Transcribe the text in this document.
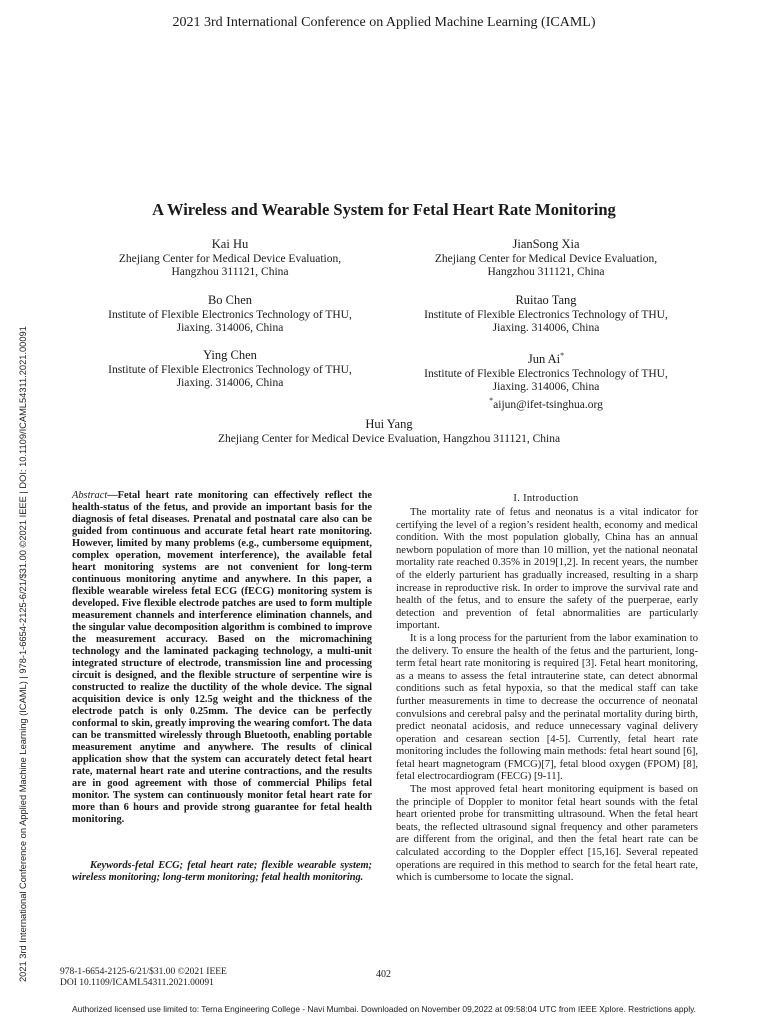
2021 3rd International Conference on Applied Machine Learning (ICAML)
2021 3rd International Conference on Applied Machine Learning (ICAML) | 978-1-6654-2125-6/21/$31.00 ©2021 IEEE | DOI: 10.1109/ICAML54311.2021.00091
A Wireless and Wearable System for Fetal Heart Rate Monitoring
Kai Hu
Zhejiang Center for Medical Device Evaluation,
Hangzhou 311121, China
JianSong Xia
Zhejiang Center for Medical Device Evaluation,
Hangzhou 311121, China
Bo Chen
Institute of Flexible Electronics Technology of THU,
Jiaxing. 314006, China
Ruitao Tang
Institute of Flexible Electronics Technology of THU,
Jiaxing. 314006, China
Ying Chen
Institute of Flexible Electronics Technology of THU,
Jiaxing. 314006, China
Jun Ai*
Institute of Flexible Electronics Technology of THU,
Jiaxing. 314006, China
*aijun@ifet-tsinghua.org
Hui Yang
Zhejiang Center for Medical Device Evaluation, Hangzhou 311121, China
Abstract—Fetal heart rate monitoring can effectively reflect the health-status of the fetus, and provide an important basis for the diagnosis of fetal diseases. Prenatal and postnatal care also can be guided from continuous and accurate fetal heart rate monitoring. However, limited by many problems (e.g., cumbersome equipment, complex operation, movement interference), the available fetal heart monitoring systems are not convenient for long-term continuous monitoring anytime and anywhere. In this paper, a flexible wearable wireless fetal ECG (fECG) monitoring system is developed. Five flexible electrode patches are used to form multiple measurement channels and interference elimination channels, and the singular value decomposition algorithm is combined to improve the measurement accuracy. Based on the micromachining technology and the laminated packaging technology, a multi-unit integrated structure of electrode, transmission line and processing circuit is designed, and the flexible structure of serpentine wire is constructed to realize the ductility of the whole device. The signal acquisition device is only 12.5g weight and the thickness of the electrode patch is only 0.25mm. The device can be perfectly conformal to skin, greatly improving the wearing comfort. The data can be transmitted wirelessly through Bluetooth, enabling portable measurement anytime and anywhere. The results of clinical application show that the system can accurately detect fetal heart rate, maternal heart rate and uterine contractions, and the results are in good agreement with those of commercial Philips fetal monitor. The system can continuously monitor fetal heart rate for more than 6 hours and provide strong guarantee for fetal health monitoring.
Keywords-fetal ECG; fetal heart rate; flexible wearable system; wireless monitoring; long-term monitoring; fetal health monitoring.
I. Introduction

The mortality rate of fetus and neonatus is a vital indicator for certifying the level of a region’s resident health, economy and medical condition. With the most population globally, China has an annual newborn population of more than 10 million, yet the national neonatal mortality rate reached 0.35% in 2019[1,2]. In recent years, the number of the elderly parturient has gradually increased, resulting in a sharp increase in reproductive risk. In order to improve the survival rate and health of the fetus, and to ensure the safety of the puerperae, early detection and prevention of fetal abnormalities are particularly important.

It is a long process for the parturient from the labor examination to the delivery. To ensure the health of the fetus and the parturient, long-term fetal heart rate monitoring is required [3]. Fetal heart monitoring, as a means to assess the fetal intrauterine state, can detect abnormal conditions such as fetal hypoxia, so that the medical staff can take further measurements in time to decrease the occurrence of neonatal convulsions and cerebral palsy and the perinatal mortality during birth, predict neonatal acidosis, and reduce unnecessary vaginal delivery operation and cesarean section [4-5]. Currently, fetal heart rate monitoring includes the following main methods: fetal heart sound [6], fetal heart magnetogram (FMCG)[7], fetal blood oxygen (FPOM) [8], fetal electrocardiogram (FECG) [9-11].

The most approved fetal heart monitoring equipment is based on the principle of Doppler to monitor fetal heart sounds with the fetal heart oriented probe for transmitting ultrasound. When the fetal heart beats, the reflected ultrasound signal frequency and other parameters are different from the original, and then the fetal heart rate can be calculated according to the Doppler effect [15,16]. Several repeated operations are required in this method to search for the fetal heart rate, which is cumbersome to locate the signal.

978-1-6654-2125-6/21/$31.00 ©2021 IEEE
DOI 10.1109/ICAML54311.2021.00091
402
Authorized licensed use limited to: Terna Engineering College - Navi Mumbai. Downloaded on November 09,2022 at 09:58:04 UTC from IEEE Xplore. Restrictions apply.
